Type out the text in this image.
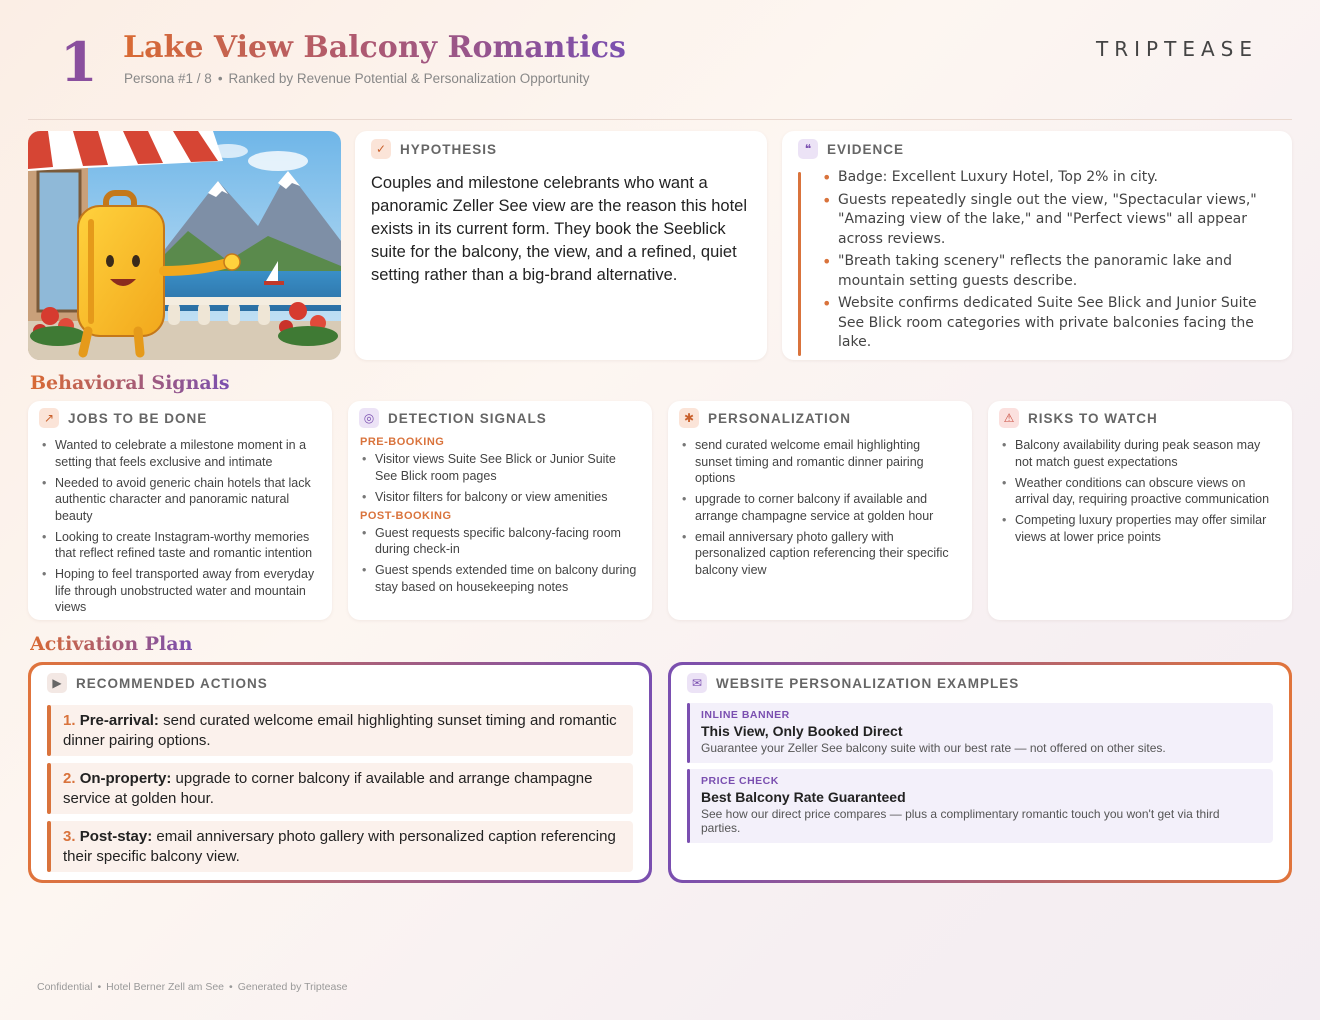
1 Lake View Balcony Romantics
Persona #1 / 8 • Ranked by Revenue Potential & Personalization Opportunity
TRIPTEASE
✓	HYPOTHESIS
Couples and milestone celebrants who want a panoramic Zeller See view are the reason this hotel exists in its current form. They book the Seeblick suite for the balcony, the view, and a refined, quiet setting rather than a big-brand alternative.
❝	EVIDENCE
• Badge: Excellent Luxury Hotel, Top 2% in city.
• Guests repeatedly single out the view, "Spectacular views," "Amazing view of the lake," and "Perfect views" all appear across reviews.
• "Breath taking scenery" reflects the panoramic lake and mountain setting guests describe.
• Website confirms dedicated Suite See Blick and Junior Suite See Blick room categories with private balconies facing the lake.
Behavioral Signals
↗	JOBS TO BE DONE
• Wanted to celebrate a milestone moment in a setting that feels exclusive and intimate
• Needed to avoid generic chain hotels that lack authentic character and panoramic natural beauty
• Looking to create Instagram-worthy memories that reflect refined taste and romantic intention
• Hoping to feel transported away from everyday life through unobstructed water and mountain views
◎	DETECTION SIGNALS
PRE-BOOKING
• Visitor views Suite See Blick or Junior Suite See Blick room pages
• Visitor filters for balcony or view amenities
POST-BOOKING
• Guest requests specific balcony-facing room during check-in
• Guest spends extended time on balcony during stay based on housekeeping notes
✱	PERSONALIZATION
• send curated welcome email highlighting sunset timing and romantic dinner pairing options
• upgrade to corner balcony if available and arrange champagne service at golden hour
• email anniversary photo gallery with personalized caption referencing their specific balcony view
⚠	RISKS TO WATCH
• Balcony availability during peak season may not match guest expectations
• Weather conditions can obscure views on arrival day, requiring proactive communication
• Competing luxury properties may offer similar views at lower price points
Activation Plan
▶	RECOMMENDED ACTIONS
1. Pre-arrival: send curated welcome email highlighting sunset timing and romantic dinner pairing options.
2. On-property: upgrade to corner balcony if available and arrange champagne service at golden hour.
3. Post-stay: email anniversary photo gallery with personalized caption referencing their specific balcony view.
✉	WEBSITE PERSONALIZATION EXAMPLES
INLINE BANNER
This View, Only Booked Direct
Guarantee your Zeller See balcony suite with our best rate — not offered on other sites.
PRICE CHECK
Best Balcony Rate Guaranteed
See how our direct price compares — plus a complimentary romantic touch you won't get via third parties.
Confidential • Hotel Berner Zell am See • Generated by Triptease
